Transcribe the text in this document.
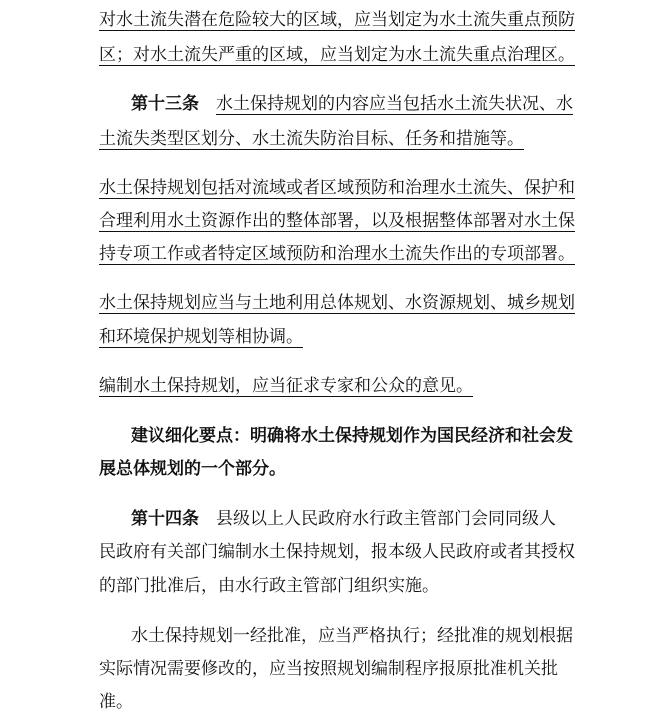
对水土流失潜在危险较大的区域，应当划定为水土流失重点预防
区；对水土流失严重的区域，应当划定为水土流失重点治理区。
第十三条 水土保持规划的内容应当包括水土流失状况、水
土流失类型区划分、水土流失防治目标、任务和措施等。
水土保持规划包括对流域或者区域预防和治理水土流失、保护和
合理利用水土资源作出的整体部署，以及根据整体部署对水土保
持专项工作或者特定区域预防和治理水土流失作出的专项部署。
水土保持规划应当与土地利用总体规划、水资源规划、城乡规划
和环境保护规划等相协调。
编制水土保持规划，应当征求专家和公众的意见。
建议细化要点：明确将水土保持规划作为国民经济和社会发
展总体规划的一个部分。
第十四条 县级以上人民政府水行政主管部门会同同级人
民政府有关部门编制水土保持规划，报本级人民政府或者其授权
的部门批准后，由水行政主管部门组织实施。
水土保持规划一经批准，应当严格执行；经批准的规划根据
实际情况需要修改的，应当按照规划编制程序报原批准机关批
准。
